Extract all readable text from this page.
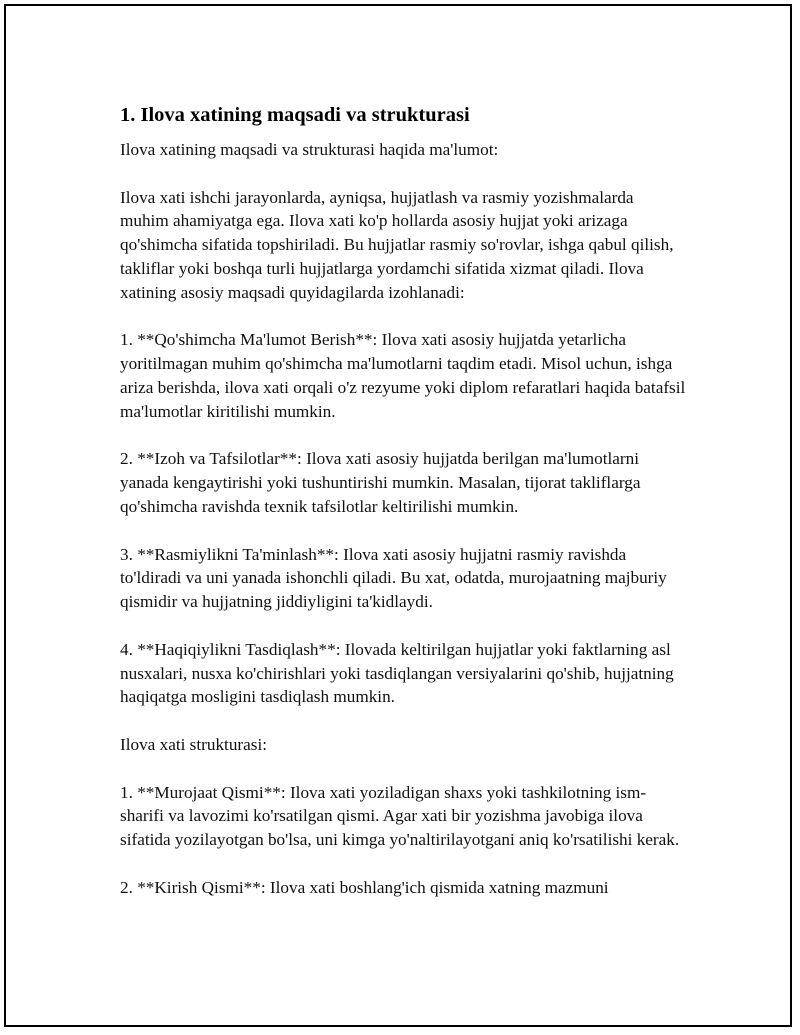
1. Ilova xatining maqsadi va strukturasi

Ilova xatining maqsadi va strukturasi haqida ma'lumot:

Ilova xati ishchi jarayonlarda, ayniqsa, hujjatlash va rasmiy yozishmalarda muhim ahamiyatga ega. Ilova xati ko'p hollarda asosiy hujjat yoki arizaga qo'shimcha sifatida topshiriladi. Bu hujjatlar rasmiy so'rovlar, ishga qabul qilish, takliflar yoki boshqa turli hujjatlarga yordamchi sifatida xizmat qiladi. Ilova xatining asosiy maqsadi quyidagilarda izohlanadi:

1. **Qo'shimcha Ma'lumot Berish**: Ilova xati asosiy hujjatda yetarlicha yoritilmagan muhim qo'shimcha ma'lumotlarni taqdim etadi. Misol uchun, ishga ariza berishda, ilova xati orqali o'z rezyume yoki diplom refaratlari haqida batafsil ma'lumotlar kiritilishi mumkin.

2. **Izoh va Tafsilotlar**: Ilova xati asosiy hujjatda berilgan ma'lumotlarni yanada kengaytirishi yoki tushuntirishi mumkin. Masalan, tijorat takliflarga qo'shimcha ravishda texnik tafsilotlar keltirilishi mumkin.

3. **Rasmiylikni Ta'minlash**: Ilova xati asosiy hujjatni rasmiy ravishda to'ldiradi va uni yanada ishonchli qiladi. Bu xat, odatda, murojaatning majburiy qismidir va hujjatning jiddiyligini ta'kidlaydi.

4. **Haqiqiylikni Tasdiqlash**: Ilovada keltirilgan hujjatlar yoki faktlarning asl nusxalari, nusxa ko'chirishlari yoki tasdiqlangan versiyalarini qo'shib, hujjatning haqiqatga mosligini tasdiqlash mumkin.

Ilova xati strukturasi:

1. **Murojaat Qismi**: Ilova xati yoziladigan shaxs yoki tashkilotning ism-sharifi va lavozimi ko'rsatilgan qismi. Agar xati bir yozishma javobiga ilova sifatida yozilayotgan bo'lsa, uni kimga yo'naltirilayotgani aniq ko'rsatilishi kerak.

2. **Kirish Qismi**: Ilova xati boshlang'ich qismida xatning mazmuni
